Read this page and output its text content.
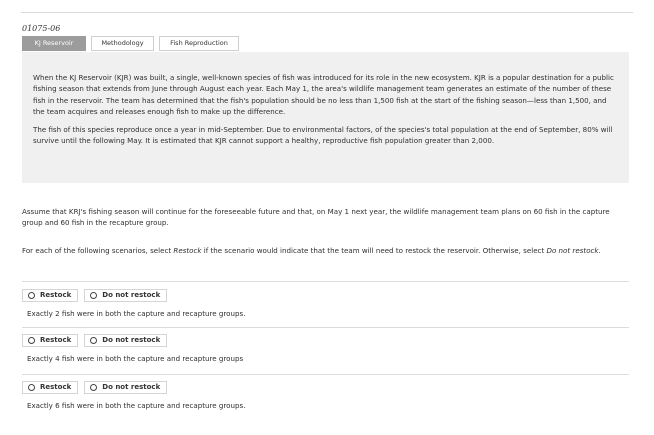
01075-06
KJ Reservoir	Methodology	Fish Reproduction

When the KJ Reservoir (KJR) was built, a single, well-known species of fish was introduced for its role in the new ecosystem. KJR is a popular destination for a public fishing season that extends from June through August each year. Each May 1, the area's wildlife management team generates an estimate of the number of these fish in the reservoir. The team has determined that the fish's population should be no less than 1,500 fish at the start of the fishing season—less than 1,500, and the team acquires and releases enough fish to make up the difference.

The fish of this species reproduce once a year in mid-September. Due to environmental factors, of the species's total population at the end of September, 80% will survive until the following May. It is estimated that KJR cannot support a healthy, reproductive fish population greater than 2,000.

Assume that KRJ's fishing season will continue for the foreseeable future and that, on May 1 next year, the wildlife management team plans on 60 fish in the capture group and 60 fish in the recapture group.

For each of the following scenarios, select Restock if the scenario would indicate that the team will need to restock the reservoir. Otherwise, select Do not restock.

Restock	Do not restock
Exactly 2 fish were in both the capture and recapture groups.
Restock	Do not restock
Exactly 4 fish were in both the capture and recapture groups
Restock	Do not restock
Exactly 6 fish were in both the capture and recapture groups.
